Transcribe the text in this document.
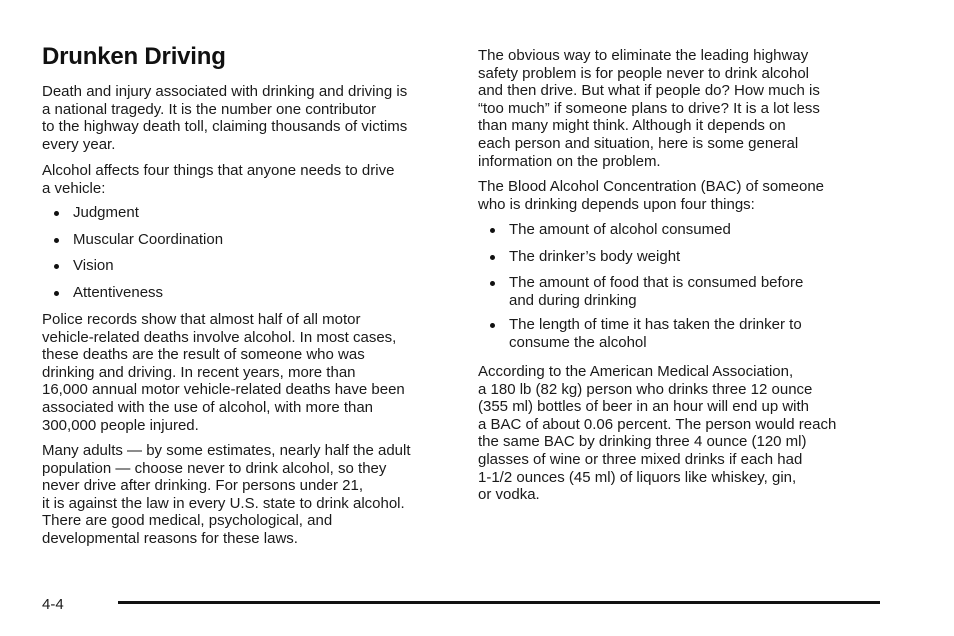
Drunken Driving

Death and injury associated with drinking and driving is

a national tragedy. It is the number one contributor

to the highway death toll, claiming thousands of victims

every year.

Alcohol affects four things that anyone needs to drive

a vehicle:

Judgment
Muscular Coordination
Vision
Attentiveness

Police records show that almost half of all motor

vehicle-related deaths involve alcohol. In most cases,

these deaths are the result of someone who was

drinking and driving. In recent years, more than

16,000 annual motor vehicle-related deaths have been

associated with the use of alcohol, with more than

300,000 people injured.

Many adults — by some estimates, nearly half the adult

population — choose never to drink alcohol, so they

never drive after drinking. For persons under 21,

it is against the law in every U.S. state to drink alcohol.

There are good medical, psychological, and

developmental reasons for these laws.

The obvious way to eliminate the leading highway

safety problem is for people never to drink alcohol

and then drive. But what if people do? How much is

“too much” if someone plans to drive? It is a lot less

than many might think. Although it depends on

each person and situation, here is some general

information on the problem.

The Blood Alcohol Concentration (BAC) of someone

who is drinking depends upon four things:

The amount of alcohol consumed
The drinker’s body weight
The amount of food that is consumed before
and during drinking
The length of time it has taken the drinker to
consume the alcohol

According to the American Medical Association,

a 180 lb (82 kg) person who drinks three 12 ounce

(355 ml) bottles of beer in an hour will end up with

a BAC of about 0.06 percent. The person would reach

the same BAC by drinking three 4 ounce (120 ml)

glasses of wine or three mixed drinks if each had

1-1/2 ounces (45 ml) of liquors like whiskey, gin,

or vodka.

4-4
